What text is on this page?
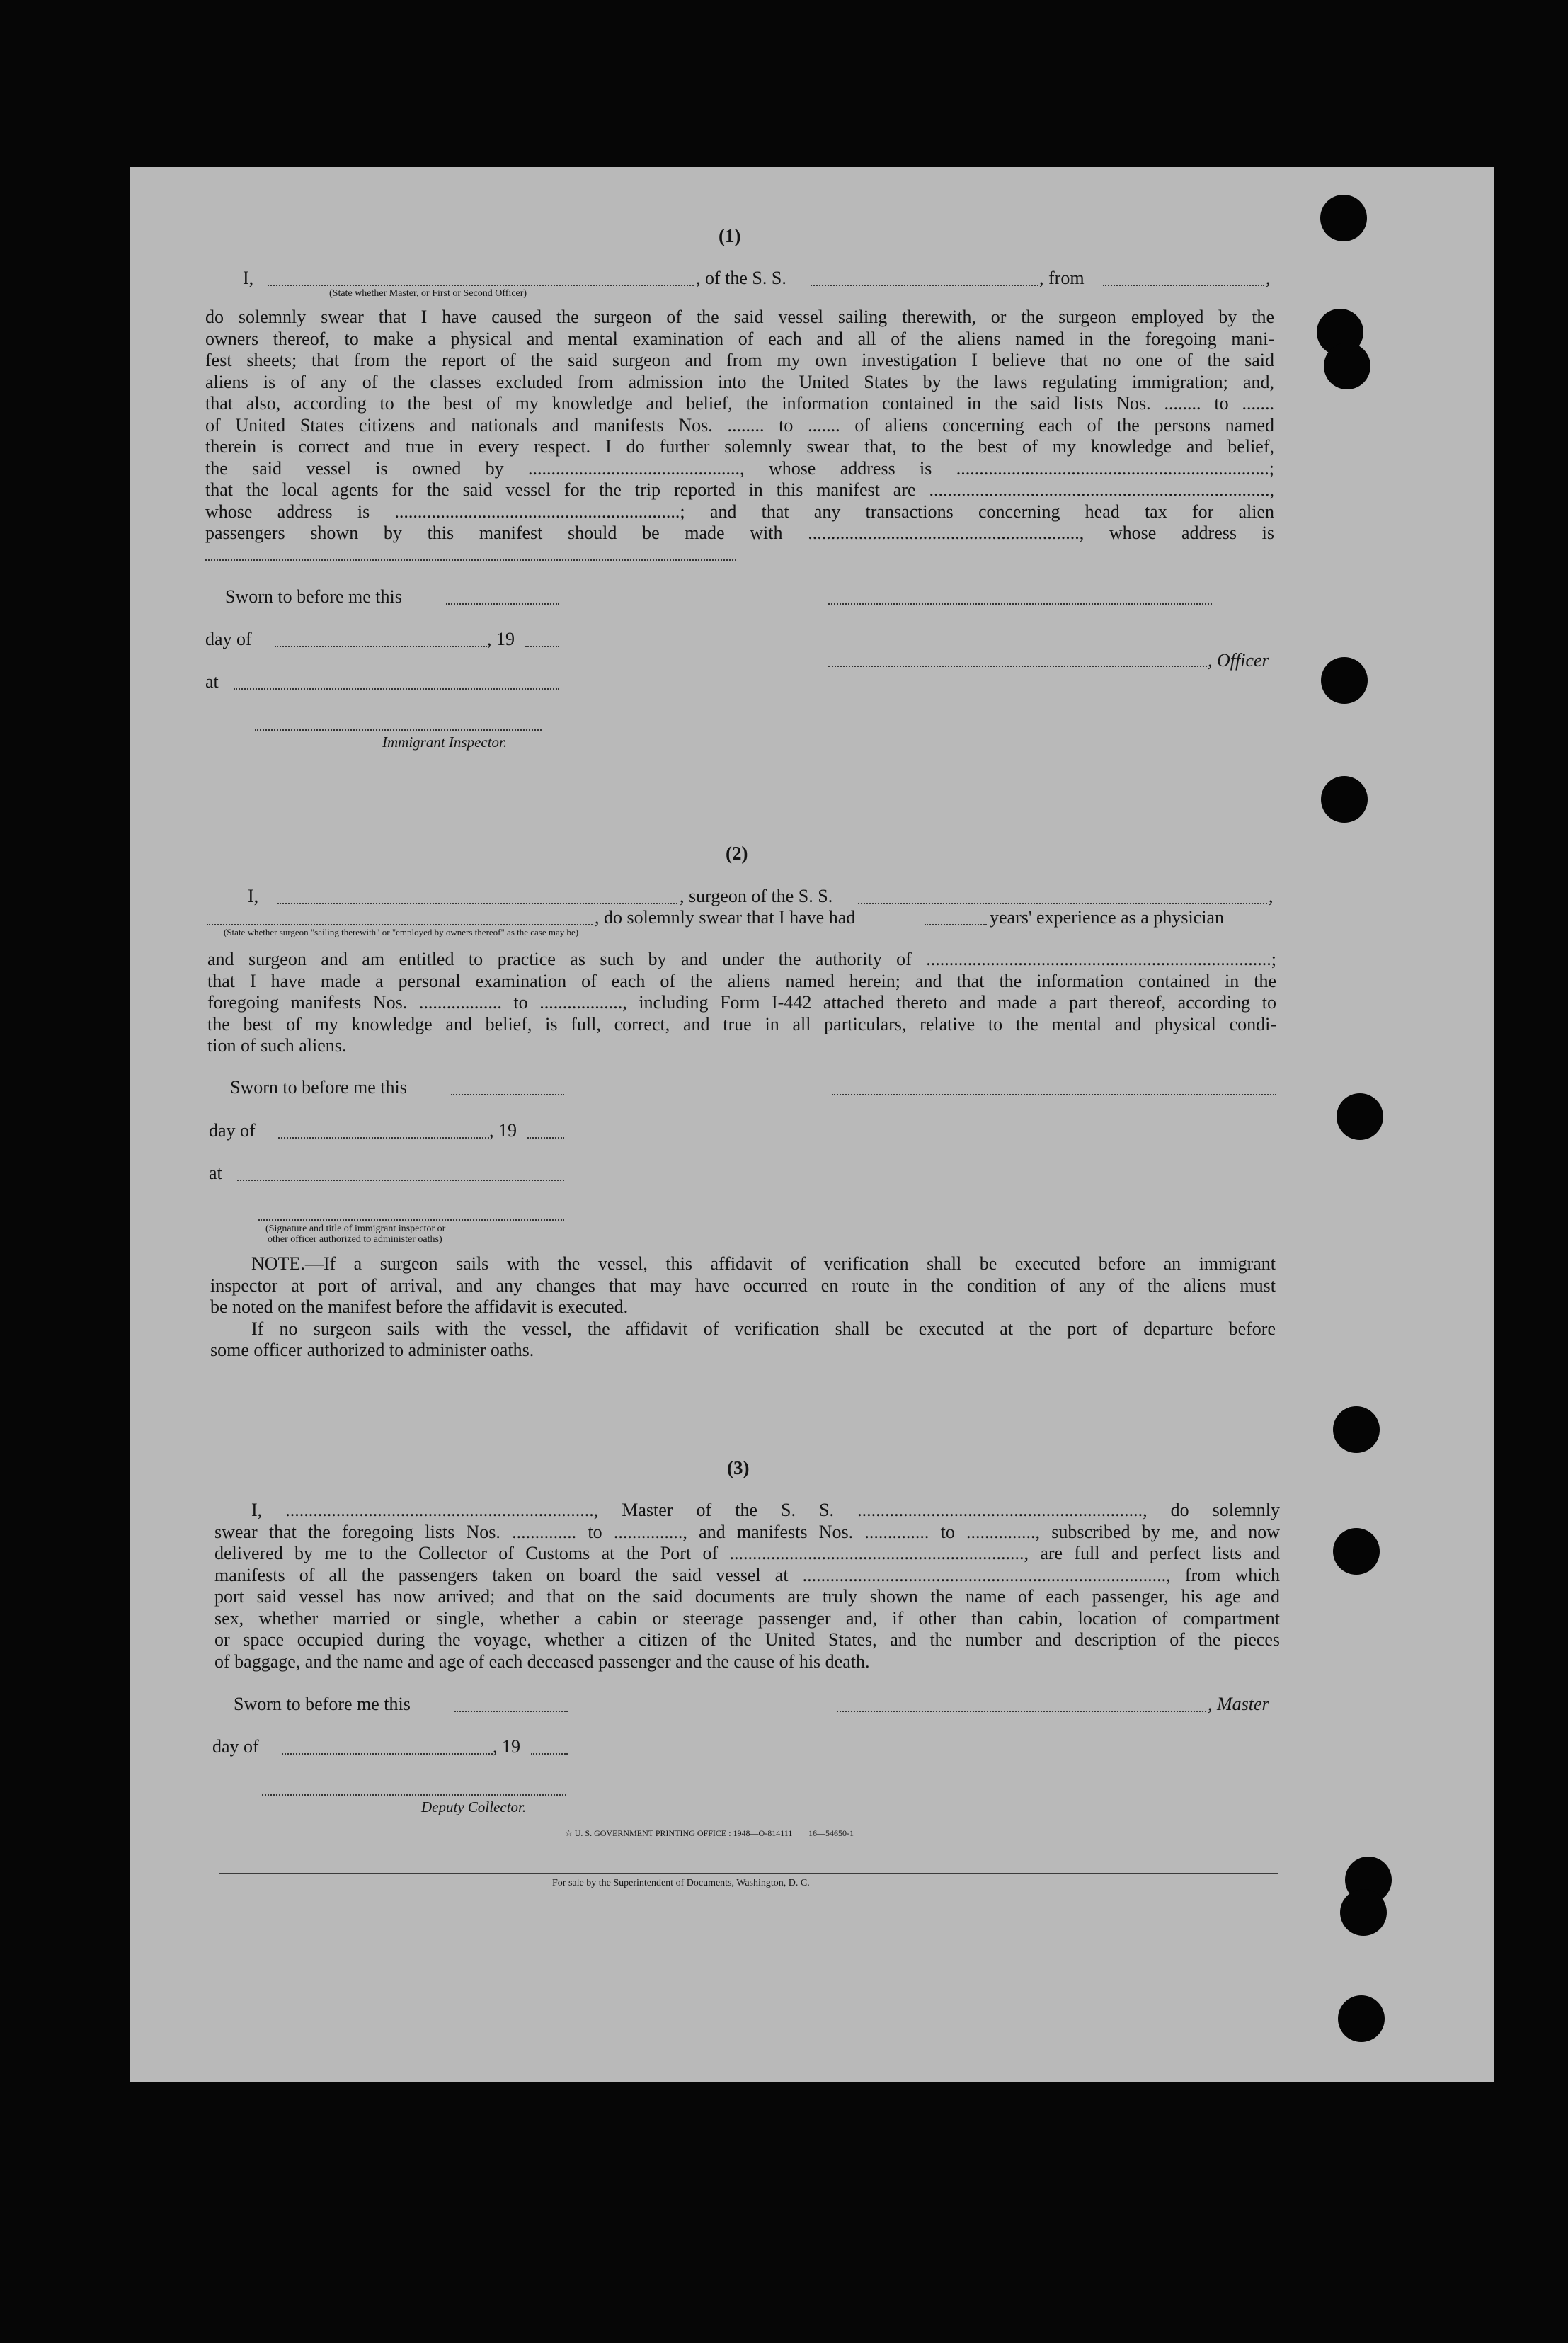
(1)
I,	, of the S. S.	, from	,
(State whether Master, or First or Second Officer)
do solemnly swear that I have caused the surgeon of the said vessel sailing therewith, or the surgeon employed by the
owners thereof, to make a physical and mental examination of each and all of the aliens named in the foregoing mani-
fest sheets; that from the report of the said surgeon and from my own investigation I believe that no one of the said
aliens is of any of the classes excluded from admission into the United States by the laws regulating immigration; and,
that also, according to the best of my knowledge and belief, the information contained in the said lists Nos. ........ to .......
of United States citizens and nationals and manifests Nos. ........ to ....... of aliens concerning each of the persons named
therein is correct and true in every respect. I do further solemnly swear that, to the best of my knowledge and belief,
the said vessel is owned by .............................................., whose address is ....................................................................;
that the local agents for the said vessel for the trip reported in this manifest are ..........................................................................,
whose address is ..............................................................; and that any transactions concerning head tax for alien
passengers shown by this manifest should be made with ..........................................................., whose address is
Sworn to before me this
day of	, 19
, Officer
at
Immigrant Inspector.
(2)
I,	, surgeon of the S. S.	,
, do solemnly swear that I have had	years' experience as a physician
(State whether surgeon "sailing therewith" or "employed by owners thereof" as the case may be)
and surgeon and am entitled to practice as such by and under the authority of ...........................................................................;
that I have made a personal examination of each of the aliens named herein; and that the information contained in the
foregoing manifests Nos. .................. to .................., including Form I-442 attached thereto and made a part thereof, according to
the best of my knowledge and belief, is full, correct, and true in all particulars, relative to the mental and physical condi-
tion of such aliens.
Sworn to before me this
day of	, 19
at
(Signature and title of immigrant inspector or
other officer authorized to administer oaths)
NOTE.—If a surgeon sails with the vessel, this affidavit of verification shall be executed before an immigrant
inspector at port of arrival, and any changes that may have occurred en route in the condition of any of the aliens must
be noted on the manifest before the affidavit is executed.
If no surgeon sails with the vessel, the affidavit of verification shall be executed at the port of departure before
some officer authorized to administer oaths.
(3)
I, ..................................................................., Master of the S. S. .............................................................., do solemnly
swear that the foregoing lists Nos. .............. to ..............., and manifests Nos. .............. to ..............., subscribed by me, and now
delivered by me to the Collector of Customs at the Port of ................................................................, are full and perfect lists and
manifests of all the passengers taken on board the said vessel at ..............................................................................., from which
port said vessel has now arrived; and that on the said documents are truly shown the name of each passenger, his age and
sex, whether married or single, whether a cabin or steerage passenger and, if other than cabin, location of compartment
or space occupied during the voyage, whether a citizen of the United States, and the number and description of the pieces
of baggage, and the name and age of each deceased passenger and the cause of his death.
Sworn to before me this	, Master
day of	, 19
Deputy Collector.
☆ U. S. GOVERNMENT PRINTING OFFICE : 1948—O-814111 16—54650-1
For sale by the Superintendent of Documents, Washington, D. C.
